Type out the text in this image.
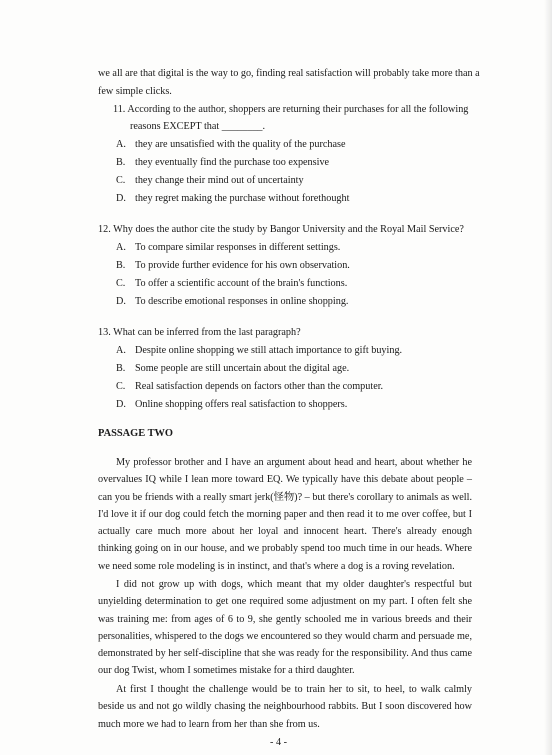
we all are that digital is the way to go, finding real satisfaction will probably take more than a
few simple clicks.
11. According to the author, shoppers are returning their purchases for all the following
reasons EXCEPT that ________.
A. they are unsatisfied with the quality of the purchase
B. they eventually find the purchase too expensive
C. they change their mind out of uncertainty
D. they regret making the purchase without forethought
12. Why does the author cite the study by Bangor University and the Royal Mail Service?
A. To compare similar responses in different settings.
B. To provide further evidence for his own observation.
C. To offer a scientific account of the brain's functions.
D. To describe emotional responses in online shopping.
13. What can be inferred from the last paragraph?
A. Despite online shopping we still attach importance to gift buying.
B. Some people are still uncertain about the digital age.
C. Real satisfaction depends on factors other than the computer.
D. Online shopping offers real satisfaction to shoppers.
PASSAGE TWO
My professor brother and I have an argument about head and heart, about whether he overvalues IQ while I lean more toward EQ. We typically have this debate about people – can you be friends with a really smart jerk(怪物)? – but there's corollary to animals as well. I'd love it if our dog could fetch the morning paper and then read it to me over coffee, but I actually care much more about her loyal and innocent heart. There's already enough thinking going on in our house, and we probably spend too much time in our heads. Where we need some role modeling is in instinct, and that's where a dog is a roving revelation.
I did not grow up with dogs, which meant that my older daughter's respectful but unyielding determination to get one required some adjustment on my part. I often felt she was training me: from ages of 6 to 9, she gently schooled me in various breeds and their personalities, whispered to the dogs we encountered so they would charm and persuade me, demonstrated by her self-discipline that she was ready for the responsibility. And thus came our dog Twist, whom I sometimes mistake for a third daughter.
At first I thought the challenge would be to train her to sit, to heel, to walk calmly beside us and not go wildly chasing the neighbourhood rabbits. But I soon discovered how much more we had to learn from her than she from us.
- 4 -
